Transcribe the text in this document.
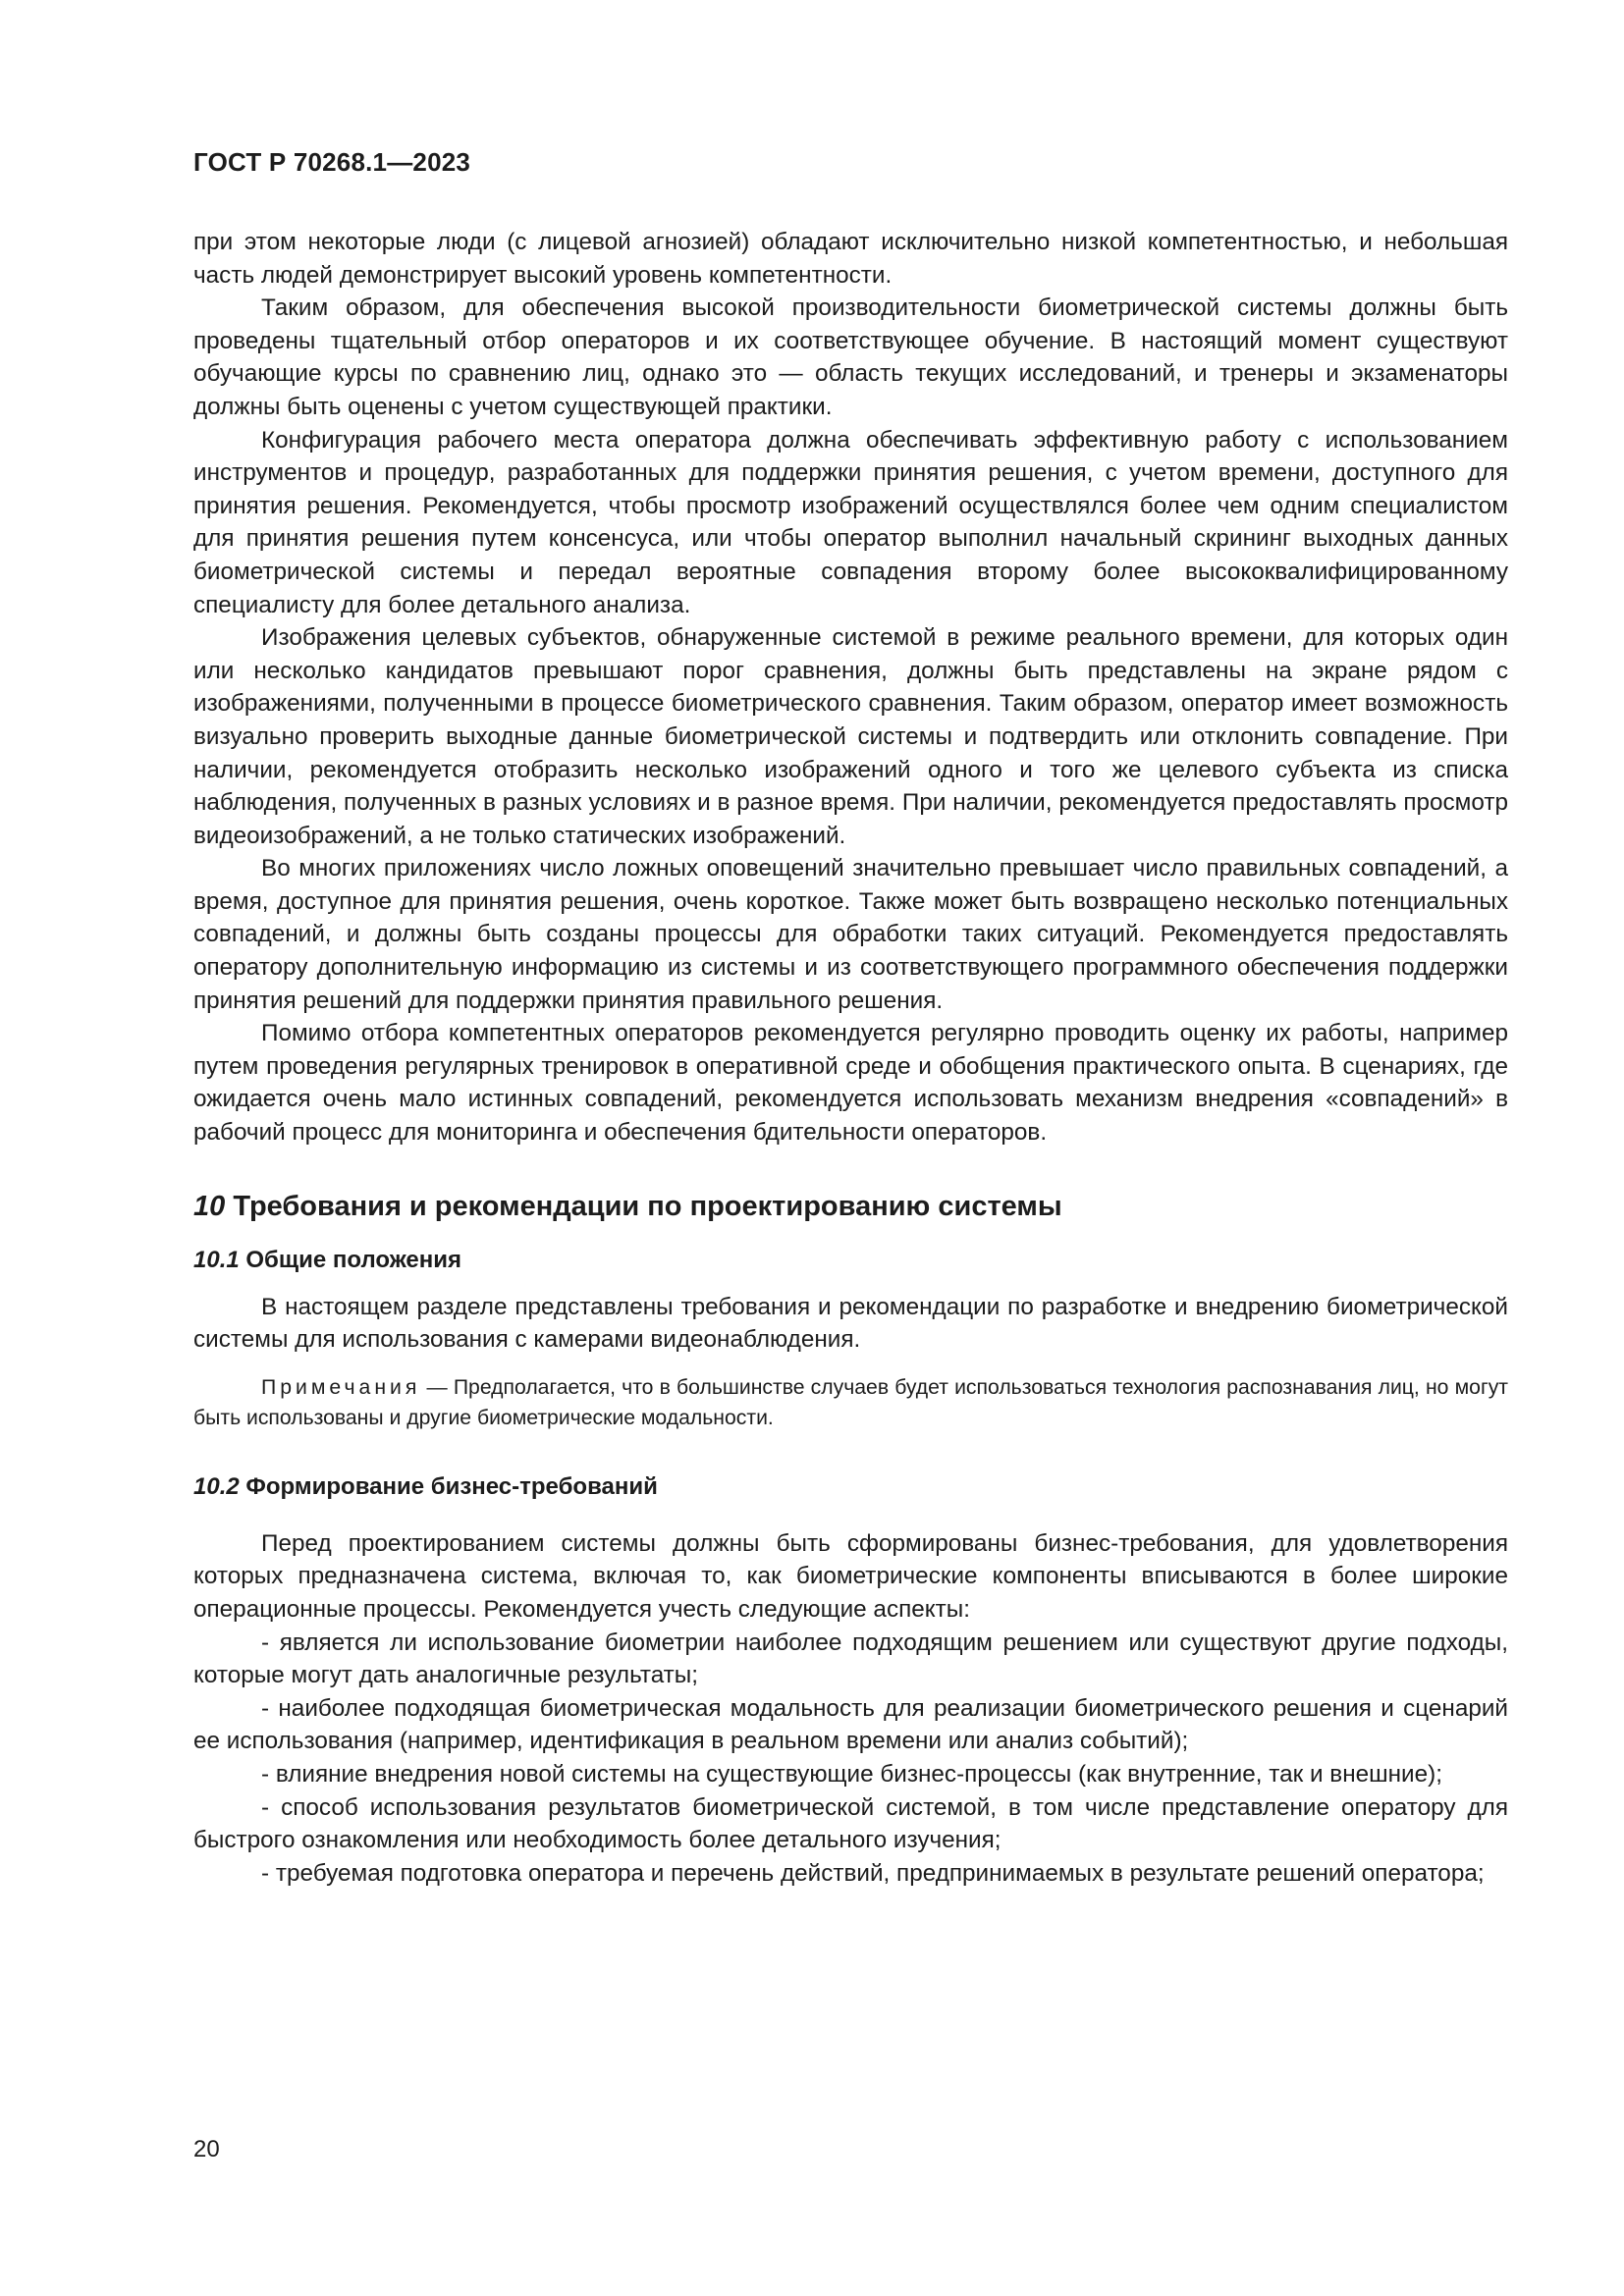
ГОСТ Р 70268.1—2023

при этом некоторые люди (с лицевой агнозией) обладают исключительно низкой компетентностью, и небольшая часть людей демонстрирует высокий уровень компетентности.

Таким образом, для обеспечения высокой производительности биометрической системы должны быть проведены тщательный отбор операторов и их соответствующее обучение. В настоящий момент существуют обучающие курсы по сравнению лиц, однако это — область текущих исследований, и тренеры и экзаменаторы должны быть оценены с учетом существующей практики.

Конфигурация рабочего места оператора должна обеспечивать эффективную работу с использованием инструментов и процедур, разработанных для поддержки принятия решения, с учетом времени, доступного для принятия решения. Рекомендуется, чтобы просмотр изображений осуществлялся более чем одним специалистом для принятия решения путем консенсуса, или чтобы оператор выполнил начальный скрининг выходных данных биометрической системы и передал вероятные совпадения второму более высококвалифицированному специалисту для более детального анализа.

Изображения целевых субъектов, обнаруженные системой в режиме реального времени, для которых один или несколько кандидатов превышают порог сравнения, должны быть представлены на экране рядом с изображениями, полученными в процессе биометрического сравнения. Таким образом, оператор имеет возможность визуально проверить выходные данные биометрической системы и подтвердить или отклонить совпадение. При наличии, рекомендуется отобразить несколько изображений одного и того же целевого субъекта из списка наблюдения, полученных в разных условиях и в разное время. При наличии, рекомендуется предоставлять просмотр видеоизображений, а не только статических изображений.

Во многих приложениях число ложных оповещений значительно превышает число правильных совпадений, а время, доступное для принятия решения, очень короткое. Также может быть возвращено несколько потенциальных совпадений, и должны быть созданы процессы для обработки таких ситуаций. Рекомендуется предоставлять оператору дополнительную информацию из системы и из соответствующего программного обеспечения поддержки принятия решений для поддержки принятия правильного решения.

Помимо отбора компетентных операторов рекомендуется регулярно проводить оценку их работы, например путем проведения регулярных тренировок в оперативной среде и обобщения практического опыта. В сценариях, где ожидается очень мало истинных совпадений, рекомендуется использовать механизм внедрения «совпадений» в рабочий процесс для мониторинга и обеспечения бдительности операторов.

10 Требования и рекомендации по проектированию системы

10.1 Общие положения

В настоящем разделе представлены требования и рекомендации по разработке и внедрению биометрической системы для использования с камерами видеонаблюдения.

Примечания — Предполагается, что в большинстве случаев будет использоваться технология распознавания лиц, но могут быть использованы и другие биометрические модальности.

10.2 Формирование бизнес-требований

Перед проектированием системы должны быть сформированы бизнес-требования, для удовлетворения которых предназначена система, включая то, как биометрические компоненты вписываются в более широкие операционные процессы. Рекомендуется учесть следующие аспекты:

- является ли использование биометрии наиболее подходящим решением или существуют другие подходы, которые могут дать аналогичные результаты;

- наиболее подходящая биометрическая модальность для реализации биометрического решения и сценарий ее использования (например, идентификация в реальном времени или анализ событий);

- влияние внедрения новой системы на существующие бизнес-процессы (как внутренние, так и внешние);

- способ использования результатов биометрической системой, в том числе представление оператору для быстрого ознакомления или необходимость более детального изучения;

- требуемая подготовка оператора и перечень действий, предпринимаемых в результате решений оператора;

20
